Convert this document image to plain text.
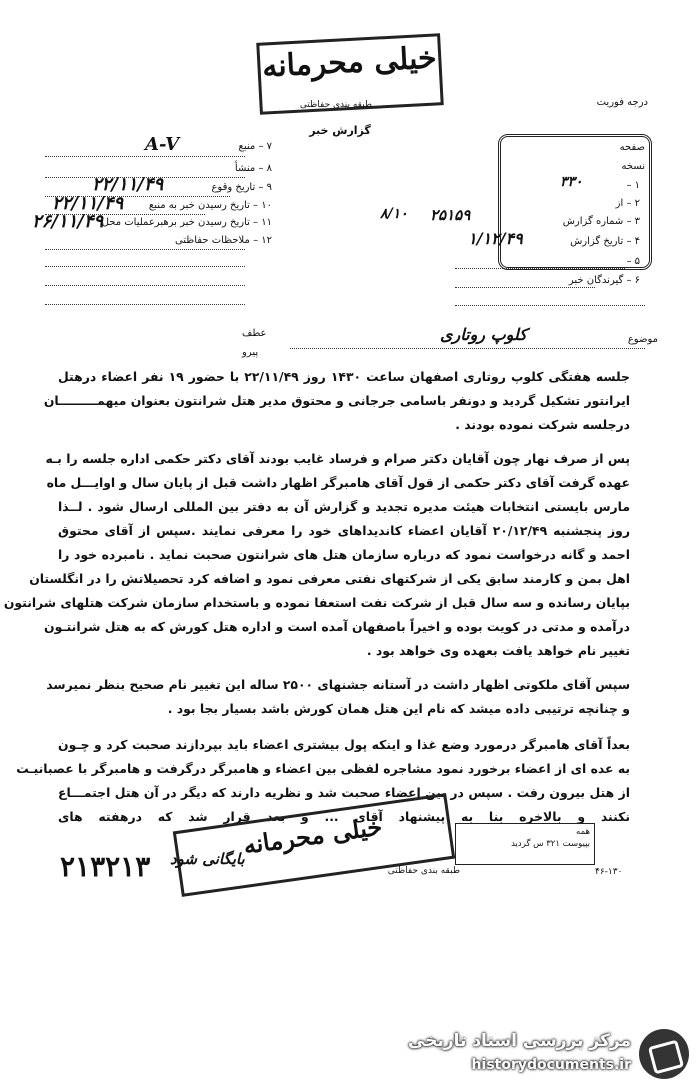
خیلی محرمانه
طبقه بندی حفاظتی
گزارش خبر
درجه فوریت
۷ – منبع
A-V
۸ – منشأ
۹ – تاریخ وقوع
۲۲/۱۱/۴۹
۱۰ – تاریخ رسیدن خبر به منبع
۲۲/۱۱/۴۹
۱۱ – تاریخ رسیدن خبر برهبرعملیات محل
۲۶/۱۱/۴۹
۱۲ – ملاحظات حفاظتی
صفحه
نسخه
۱ –
۳۳۰
۲ – از
۳ – شماره گزارش
۲۵۱۵۹
۴ – تاریخ گزارش
۱/۱۲/۴۹
۸/۱۰
۵ –
۶ – گیرندگان خبر
موضوع
کلوپ روتاری
عطف
پیرو
جلسه هفتگی کلوپ روتاری اصفهان ساعت ۱۴۳۰ روز ۲۲/۱۱/۴۹ با حضور ۱۹ نفر اعضاء درهتل
ایرانتور تشکیل گردید و دونفر باسامی جرجانی و محتوق مدیر هتل شرانتون بعنوان میهمـــــــــان
درجلسه شرکت نموده بودند .
پس از صرف نهار چون آقایان دکتر صرام و فرساد غایب بودند آقای دکتر حکمی اداره جلسه را بـه
عهده گرفت آقای دکتر حکمی از قول آقای هامبرگر اظهار داشت قبل از پایان سال و اوایـــل ماه
مارس بایستی انتخابات هیئت مدیره تجدید و گزارش آن به دفتر بین المللی ارسال شود . لــذا
روز پنجشنبه ۲۰/۱۲/۴۹ آقایان اعضاء کاندیداهای خود را معرفی نمایند .سپس از آقای محتوق
احمد و گانه درخواست نمود که درباره سازمان هتل های شرانتون صحبت نماید . نامبرده خود را
اهل بمن و کارمند سابق یکی از شرکتهای نفتی معرفی نمود و اضافه کرد تحصیلاتش را در انگلستان
بپایان رسانده و سه سال قبل از شرکت نفت استعفا نموده و باستخدام سازمان شرکت هتلهای شرانتون
درآمده و مدتی در کویت بوده و اخیراً باصفهان آمده است و اداره هتل کورش که به هتل شرانتـون
تغییر نام خواهد یافت بعهده وی خواهد بود .
سپس آقای ملکوتی اظهار داشت در آستانه جشنهای ۲۵۰۰ ساله این تغییر نام صحیح بنظر نمیرسد
و چنانچه ترتیبی داده میشد که نام این هتل همان کورش باشد بسیار بجا بود .
بعداً آقای هامبرگر درمورد وضع غذا و اینکه پول بیشتری اعضاء باید بپردازند صحبت کرد و چـون
به عده ای از اعضاء برخورد نمود مشاجره لفظی بین اعضاء و هامبرگر درگرفت و هامبرگر با عصبانیـت
از هتل بیرون رفت . سپس در بین اعضاء صحبت شد و نظریه دارند که دیگر در آن هتل اجتمـــاع
نکنند و بالاخره بنا به پیشنهاد آقای ... و بعد قرار شد که درهفته های
خیلی محرمانه
بایگانی شود
همه
بپیوست ۳۲۱ س گردید
طبقه بندی حفاظتی
۲۱۳۲۱۳	۴۶-۱۳۰
مرکز بررسی اسناد تاریخی
historydocuments.ir
